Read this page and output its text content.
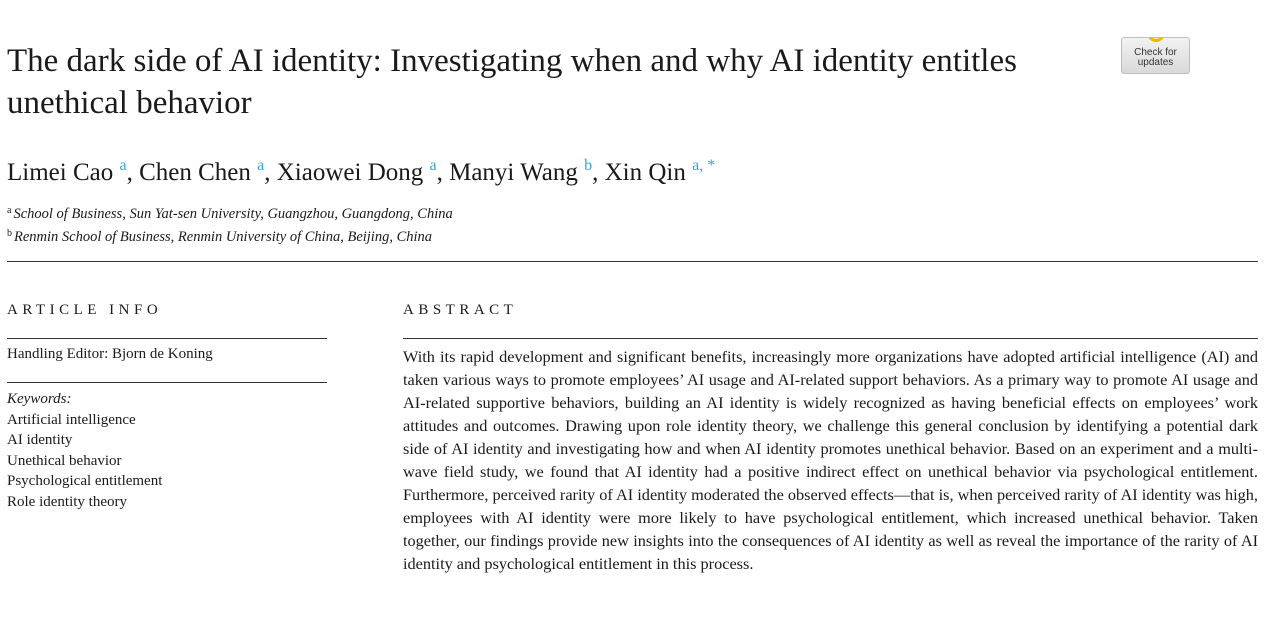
The dark side of AI identity: Investigating when and why AI identity entitles unethical behavior
Check for updates
Limei Cao $^a$, Chen Chen $^a$, Xiaowei Dong $^a$, Manyi Wang $^b$, Xin Qin $^{a, *}$
$^a$ School of Business, Sun Yat-sen University, Guangzhou, Guangdong, China
$^b$ Renmin School of Business, Renmin University of China, Beijing, China
ARTICLE INFO	ABSTRACT
Handling Editor: Bjorn de Koning
Keywords:
Artificial intelligence
AI identity
Unethical behavior
Psychological entitlement
Role identity theory

With its rapid development and significant benefits, increasingly more organizations have adopted artificial intelligence (AI) and taken various ways to promote employees’ AI usage and AI-related support behaviors. As a primary way to promote AI usage and AI-related supportive behaviors, building an AI identity is widely recognized as having beneficial effects on employees’ work attitudes and outcomes. Drawing upon role identity theory, we challenge this general conclusion by identifying a potential dark side of AI identity and investigating how and when AI identity promotes unethical behavior. Based on an experiment and a multi-wave field study, we found that AI identity had a positive indirect effect on unethical behavior via psychological entitlement. Furthermore, perceived rarity of AI identity moderated the observed effects—that is, when perceived rarity of AI identity was high, employees with AI identity were more likely to have psychological entitlement, which increased unethical behavior. Taken together, our findings provide new insights into the consequences of AI identity as well as reveal the importance of the rarity of AI identity and psychological entitlement in this process.
